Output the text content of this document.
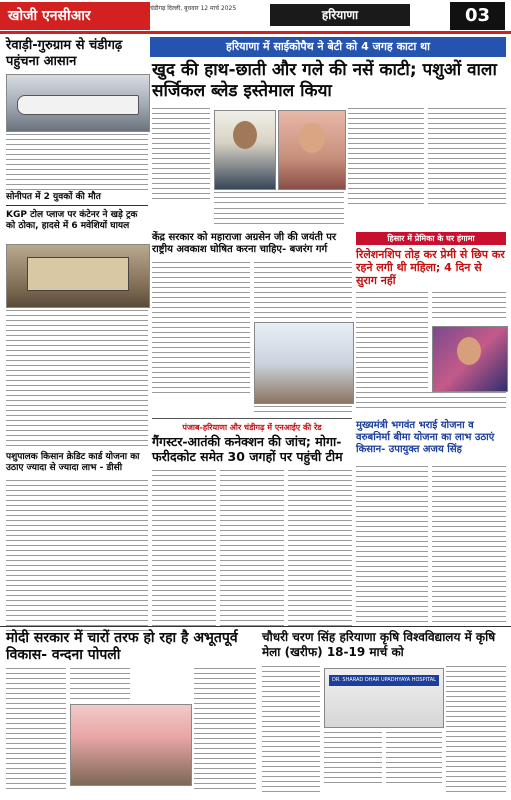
खोजी एनसीआर	चंडीगढ़ दिल्ली, बुधवार 12 मार्च 2025	हरियाणा	03
रेवाड़ी-गुरुग्राम से चंडीगढ़ पहुंचना आसान
सोनीपत में 2 युवकों की मौत
KGP टोल प्लाज पर कंटेनर ने खड़े ट्रक को ठोका, हादसे में 6 मवेशियों घायल
पशुपालक किसान क्रेडिट कार्ड योजना का उठाए ज्यादा से ज्यादा लाभ - डीसी
हरियाणा में साईकोपैथ ने बेटी को 4 जगह काटा था
खुद की हाथ-छाती और गले की नसें काटी; पशुओं वाला सर्जिकल ब्लेड इस्तेमाल किया
केंद्र सरकार को महाराजा अग्रसेन जी की जयंती पर राष्ट्रीय अवकाश घोषित करना चाहिए- बजरंग गर्ग
हिसार में प्रेमिका के घर हंगामा
रिलेशनशिप तोड़ कर प्रेमी से छिप कर रहने लगी थी महिला; 4 दिन से सुराग नहीं
पंजाब-हरियाणा और चंडीगढ़ में एनआईए की रेड
गैंगस्टर-आतंकी कनेक्शन की जांच; मोगा-फरीदकोट समेत 30 जगहों पर पहुंची टीम
मुख्यमंत्री भगवंत भराई योजना व वरुबनिर्मा बीमा योजना का लाभ उठाएं किसान- उपायुक्त अजय सिंह
मोदी सरकार में चारों तरफ हो रहा है अभूतपूर्व विकास- वन्दना पोपली
चौधरी चरण सिंह हरियाणा कृषि विश्वविद्यालय में कृषि मेला (खरीफ) 18-19 मार्च को
DR. SHARAD DHAR UPADHYAYA HOSPITAL
